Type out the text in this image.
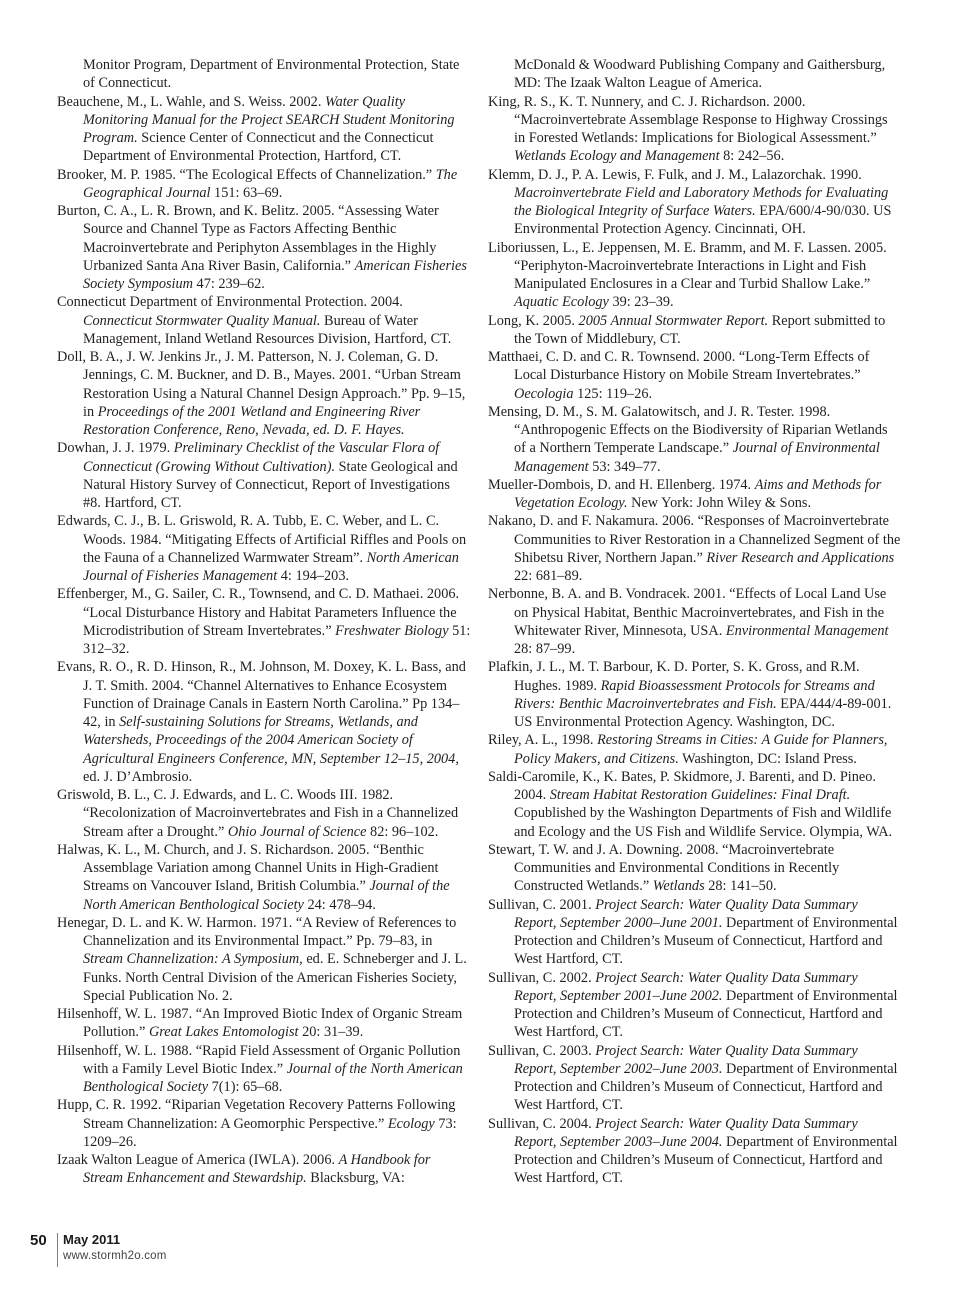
Monitor Program, Department of Environmental Protection, State of Connecticut.
Beauchene, M., L. Wahle, and S. Weiss. 2002. Water Quality Monitoring Manual for the Project SEARCH Student Monitoring Program. Science Center of Connecticut and the Connecticut Department of Environmental Protection, Hartford, CT.
Brooker, M. P. 1985. “The Ecological Effects of Channelization.” The Geographical Journal 151: 63–69.
Burton, C. A., L. R. Brown, and K. Belitz. 2005. “Assessing Water Source and Channel Type as Factors Affecting Benthic Macroinvertebrate and Periphyton Assemblages in the Highly Urbanized Santa Ana River Basin, California.” American Fisheries Society Symposium 47: 239–62.
Connecticut Department of Environmental Protection. 2004. Connecticut Stormwater Quality Manual. Bureau of Water Management, Inland Wetland Resources Division, Hartford, CT.
Doll, B. A., J. W. Jenkins Jr., J. M. Patterson, N. J. Coleman, G. D. Jennings, C. M. Buckner, and D. B., Mayes. 2001. “Urban Stream Restoration Using a Natural Channel Design Approach.” Pp. 9–15, in Proceedings of the 2001 Wetland and Engineering River Restoration Conference, Reno, Nevada, ed. D. F. Hayes.
Dowhan, J. J. 1979. Preliminary Checklist of the Vascular Flora of Connecticut (Growing Without Cultivation). State Geological and Natural History Survey of Connecticut, Report of Investigations #8. Hartford, CT.
Edwards, C. J., B. L. Griswold, R. A. Tubb, E. C. Weber, and L. C. Woods. 1984. “Mitigating Effects of Artificial Riffles and Pools on the Fauna of a Channelized Warmwater Stream”. North American Journal of Fisheries Management 4: 194–203.
Effenberger, M., G. Sailer, C. R., Townsend, and C. D. Mathaei. 2006. “Local Disturbance History and Habitat Parameters Influence the Microdistribution of Stream Invertebrates.” Freshwater Biology 51: 312–32.
Evans, R. O., R. D. Hinson, R., M. Johnson, M. Doxey, K. L. Bass, and J. T. Smith. 2004. “Channel Alternatives to Enhance Ecosystem Function of Drainage Canals in Eastern North Carolina.” Pp 134–42, in Self-sustaining Solutions for Streams, Wetlands, and Watersheds, Proceedings of the 2004 American Society of Agricultural Engineers Conference, MN, September 12–15, 2004, ed. J. D’Ambrosio.
Griswold, B. L., C. J. Edwards, and L. C. Woods III. 1982. “Recolonization of Macroinvertebrates and Fish in a Channelized Stream after a Drought.” Ohio Journal of Science 82: 96–102.
Halwas, K. L., M. Church, and J. S. Richardson. 2005. “Benthic Assemblage Variation among Channel Units in High-Gradient Streams on Vancouver Island, British Columbia.” Journal of the North American Benthological Society 24: 478–94.
Henegar, D. L. and K. W. Harmon. 1971. “A Review of References to Channelization and its Environmental Impact.” Pp. 79–83, in Stream Channelization: A Symposium, ed. E. Schneberger and J. L. Funks. North Central Division of the American Fisheries Society, Special Publication No. 2.
Hilsenhoff, W. L. 1987. “An Improved Biotic Index of Organic Stream Pollution.” Great Lakes Entomologist 20: 31–39.
Hilsenhoff, W. L. 1988. “Rapid Field Assessment of Organic Pollution with a Family Level Biotic Index.” Journal of the North American Benthological Society 7(1): 65–68.
Hupp, C. R. 1992. “Riparian Vegetation Recovery Patterns Following Stream Channelization: A Geomorphic Perspective.” Ecology 73: 1209–26.
Izaak Walton League of America (IWLA). 2006. A Handbook for Stream Enhancement and Stewardship. Blacksburg, VA:
McDonald & Woodward Publishing Company and Gaithersburg, MD: The Izaak Walton League of America.
King, R. S., K. T. Nunnery, and C. J. Richardson. 2000. “Macroinvertebrate Assemblage Response to Highway Crossings in Forested Wetlands: Implications for Biological Assessment.” Wetlands Ecology and Management 8: 242–56.
Klemm, D. J., P. A. Lewis, F. Fulk, and J. M., Lalazorchak. 1990. Macroinvertebrate Field and Laboratory Methods for Evaluating the Biological Integrity of Surface Waters. EPA/600/4-90/030. US Environmental Protection Agency. Cincinnati, OH.
Liboriussen, L., E. Jeppensen, M. E. Bramm, and M. F. Lassen. 2005. “Periphyton-Macroinvertebrate Interactions in Light and Fish Manipulated Enclosures in a Clear and Turbid Shallow Lake.” Aquatic Ecology 39: 23–39.
Long, K. 2005. 2005 Annual Stormwater Report. Report submitted to the Town of Middlebury, CT.
Matthaei, C. D. and C. R. Townsend. 2000. “Long-Term Effects of Local Disturbance History on Mobile Stream Invertebrates.” Oecologia 125: 119–26.
Mensing, D. M., S. M. Galatowitsch, and J. R. Tester. 1998. “Anthropogenic Effects on the Biodiversity of Riparian Wetlands of a Northern Temperate Landscape.” Journal of Environmental Management 53: 349–77.
Mueller-Dombois, D. and H. Ellenberg. 1974. Aims and Methods for Vegetation Ecology. New York: John Wiley & Sons.
Nakano, D. and F. Nakamura. 2006. “Responses of Macroinvertebrate Communities to River Restoration in a Channelized Segment of the Shibetsu River, Northern Japan.” River Research and Applications 22: 681–89.
Nerbonne, B. A. and B. Vondracek. 2001. “Effects of Local Land Use on Physical Habitat, Benthic Macroinvertebrates, and Fish in the Whitewater River, Minnesota, USA. Environmental Management 28: 87–99.
Plafkin, J. L., M. T. Barbour, K. D. Porter, S. K. Gross, and R.M. Hughes. 1989. Rapid Bioassessment Protocols for Streams and Rivers: Benthic Macroinvertebrates and Fish. EPA/444/4-89-001. US Environmental Protection Agency. Washington, DC.
Riley, A. L., 1998. Restoring Streams in Cities: A Guide for Planners, Policy Makers, and Citizens. Washington, DC: Island Press.
Saldi-Caromile, K., K. Bates, P. Skidmore, J. Barenti, and D. Pineo. 2004. Stream Habitat Restoration Guidelines: Final Draft. Copublished by the Washington Departments of Fish and Wildlife and Ecology and the US Fish and Wildlife Service. Olympia, WA.
Stewart, T. W. and J. A. Downing. 2008. “Macroinvertebrate Communities and Environmental Conditions in Recently Constructed Wetlands.” Wetlands 28: 141–50.
Sullivan, C. 2001. Project Search: Water Quality Data Summary Report, September 2000–June 2001. Department of Environmental Protection and Children’s Museum of Connecticut, Hartford and West Hartford, CT.
Sullivan, C. 2002. Project Search: Water Quality Data Summary Report, September 2001–June 2002. Department of Environmental Protection and Children’s Museum of Connecticut, Hartford and West Hartford, CT.
Sullivan, C. 2003. Project Search: Water Quality Data Summary Report, September 2002–June 2003. Department of Environmental Protection and Children’s Museum of Connecticut, Hartford and West Hartford, CT.
Sullivan, C. 2004. Project Search: Water Quality Data Summary Report, September 2003–June 2004. Department of Environmental Protection and Children’s Museum of Connecticut, Hartford and West Hartford, CT.
50 May 2011
www.stormh2o.com
